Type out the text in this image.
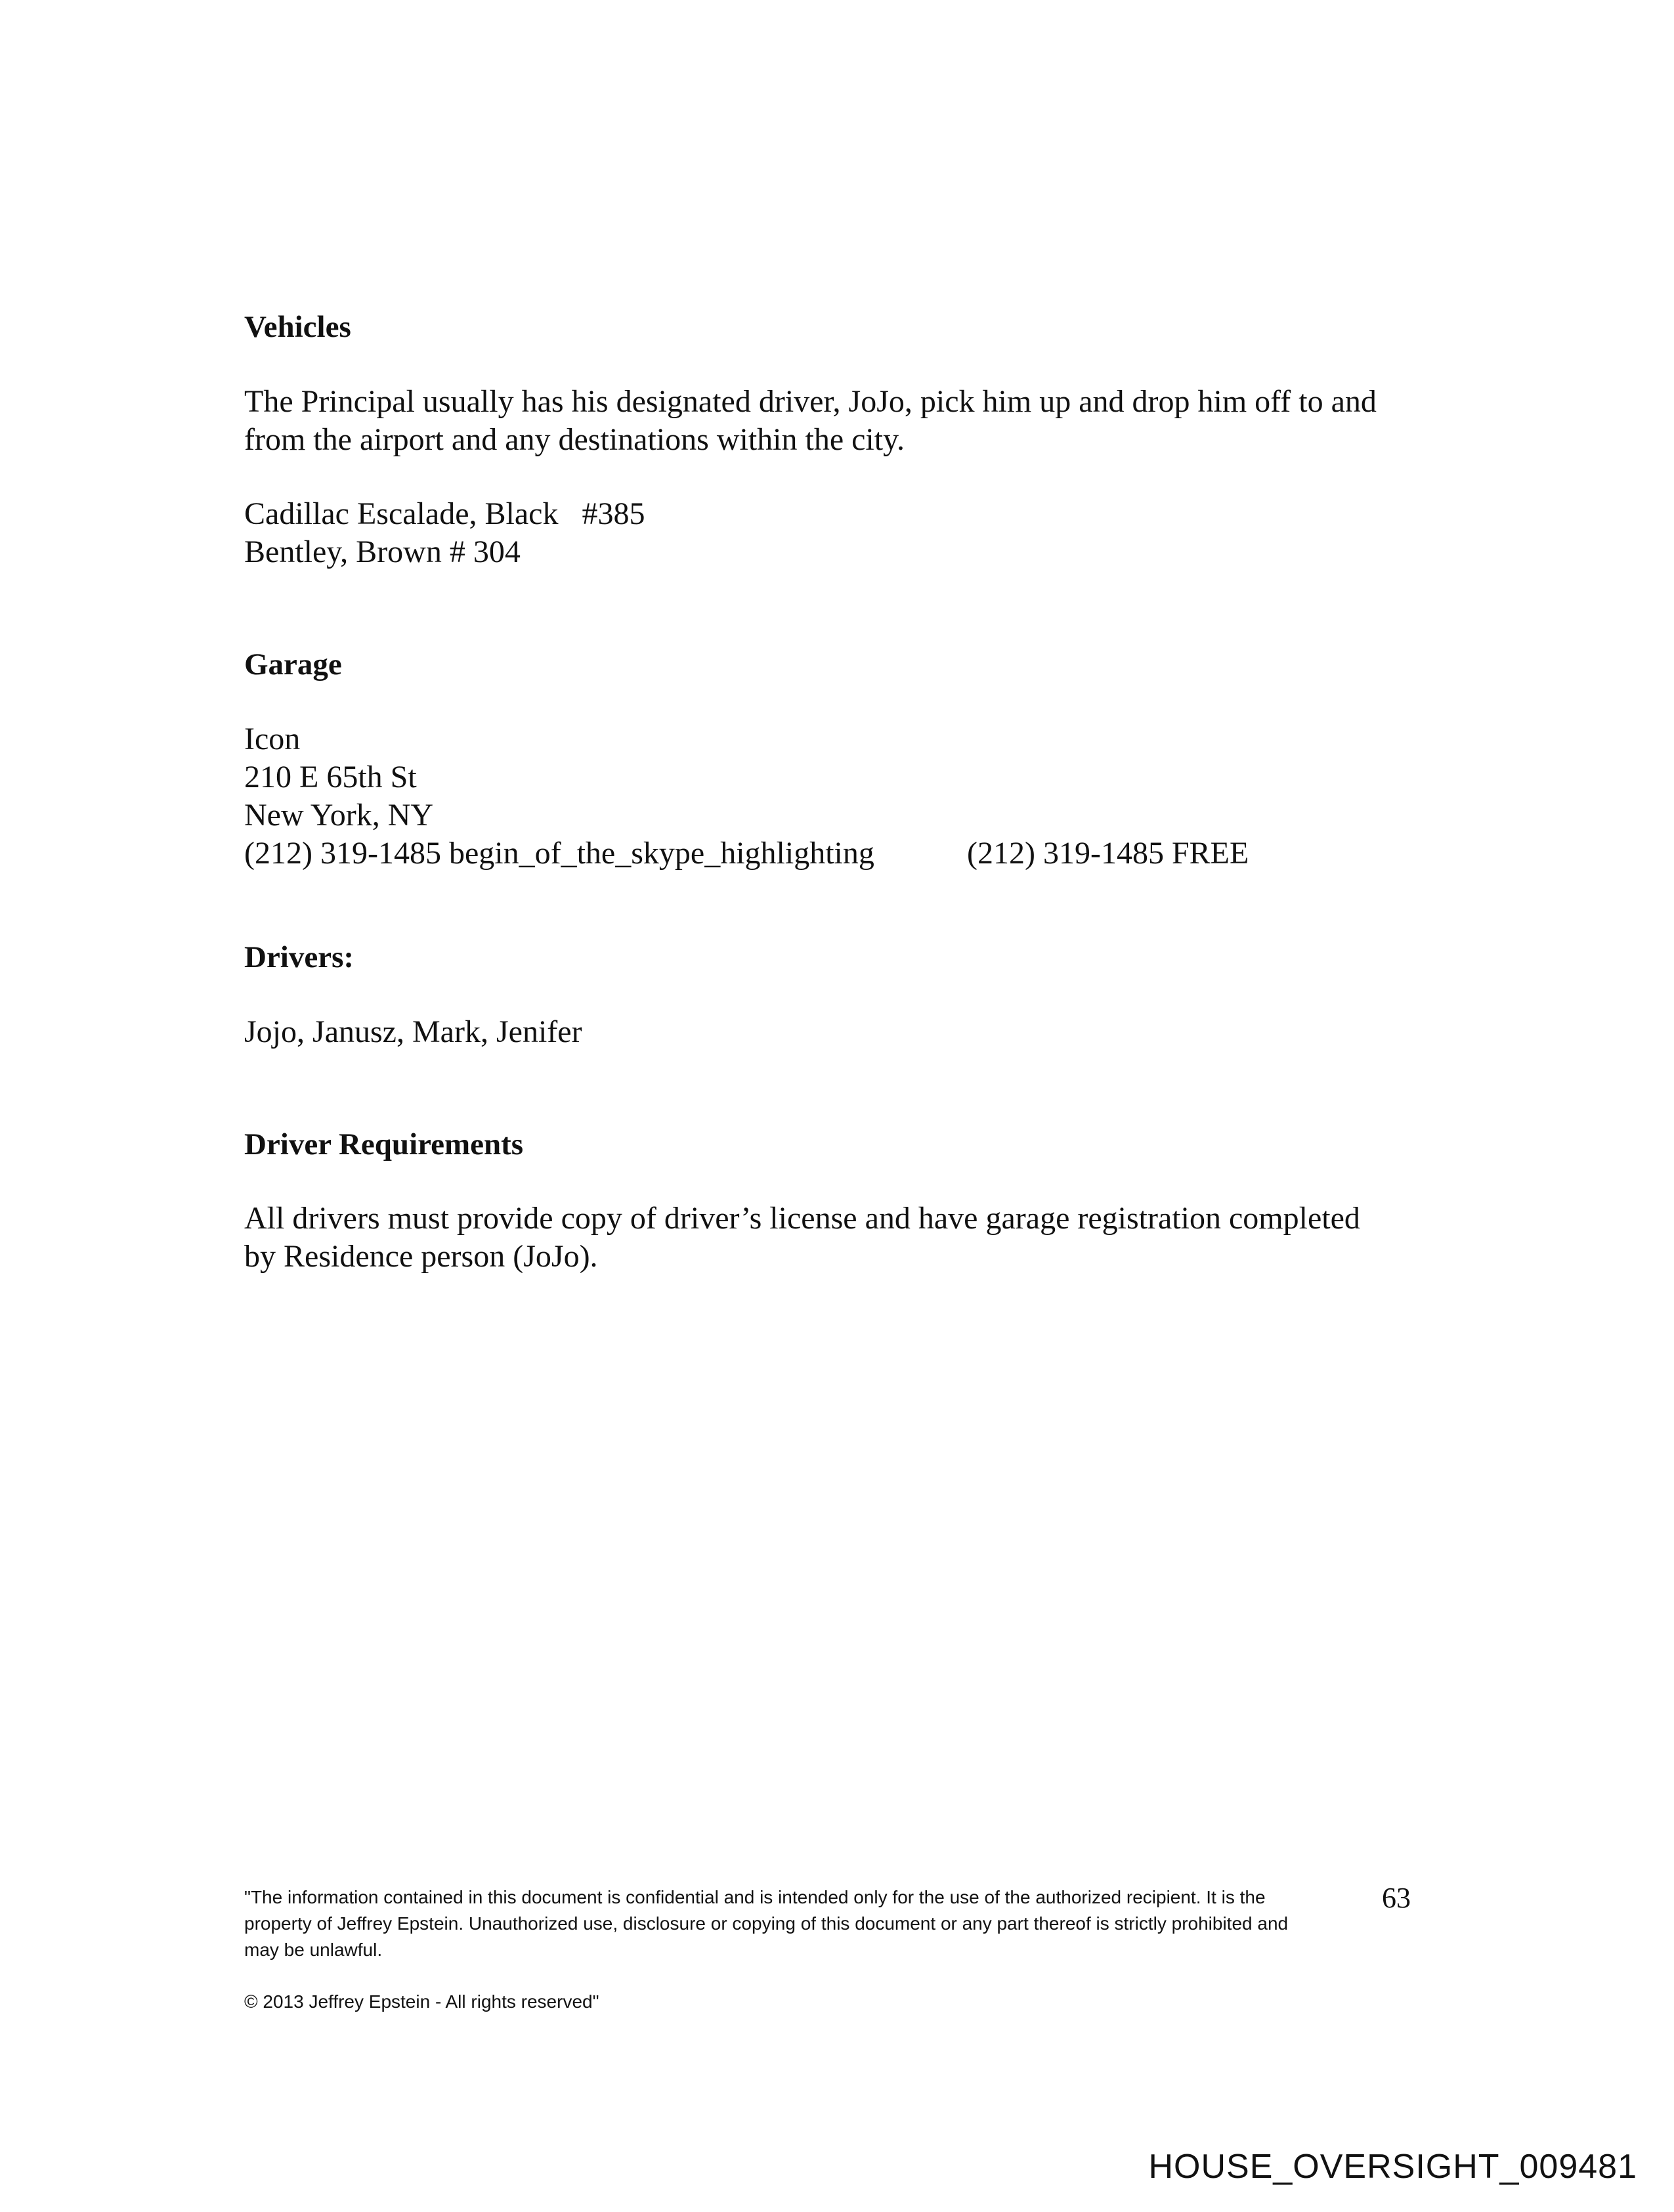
Vehicles
The Principal usually has his designated driver, JoJo, pick him up and drop him off to and
from the airport and any destinations within the city.
Cadillac Escalade, Black   #385
Bentley, Brown # 304
Garage
Icon
210 E 65th St
New York, NY
(212) 319-1485 begin_of_the_skype_highlighting	(212) 319-1485 FREE
Drivers:
Jojo, Janusz, Mark, Jenifer
Driver Requirements
All drivers must provide copy of driver’s license and have garage registration completed
by Residence person (JoJo).
"The information contained in this document is confidential and is intended only for the use of the authorized recipient. It is the
property of Jeffrey Epstein. Unauthorized use, disclosure or copying of this document or any part thereof is strictly prohibited and
may be unlawful.
© 2013 Jeffrey Epstein - All rights reserved"
63
HOUSE_OVERSIGHT_009481
